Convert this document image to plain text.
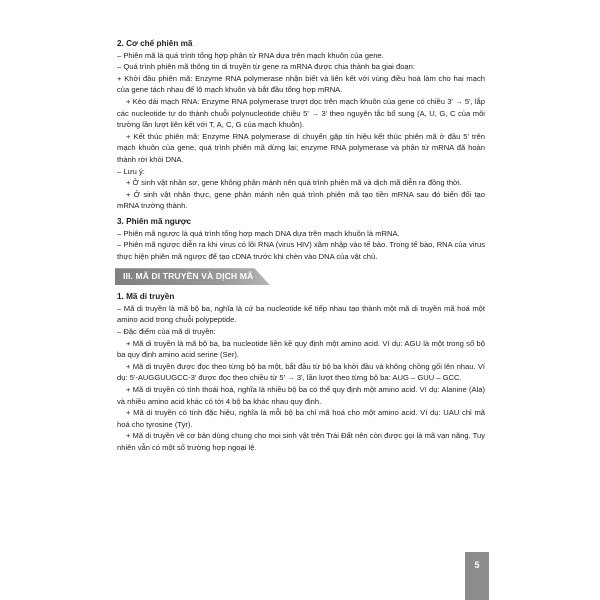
2. Cơ chế phiên mã

– Phiên mã là quá trình tổng hợp phân tử RNA dựa trên mạch khuôn của gene.

– Quá trình phiên mã thông tin di truyền từ gene ra mRNA được chia thành ba giai đoạn:

+ Khởi đầu phiên mã: Enzyme RNA polymerase nhận biết và liên kết với vùng điều hoà làm cho hai mạch của gene tách nhau để lộ mạch khuôn và bắt đầu tổng hợp mRNA.

+ Kéo dài mạch RNA: Enzyme RNA polymerase trượt dọc trên mạch khuôn của gene có chiều 3' → 5', lắp các nucleotide tự do thành chuỗi polynucleotide chiều 5' → 3' theo nguyên tắc bổ sung (A, U, G, C của môi trường lần lượt liên kết với T, A, C, G của mạch khuôn).

+ Kết thúc phiên mã: Enzyme RNA polymerase di chuyển gặp tín hiệu kết thúc phiên mã ở đầu 5' trên mạch khuôn của gene, quá trình phiên mã dừng lại; enzyme RNA polymerase và phân tử mRNA đã hoàn thành rời khỏi DNA.

– Lưu ý:

+ Ở sinh vật nhân sơ, gene không phân mảnh nên quá trình phiên mã và dịch mã diễn ra đồng thời.

+ Ở sinh vật nhân thực, gene phân mảnh nên quá trình phiên mã tạo tiền mRNA sau đó biến đổi tạo mRNA trưởng thành.

3. Phiên mã ngược

– Phiên mã ngược là quá trình tổng hợp mạch DNA dựa trên mạch khuôn là mRNA.

– Phiên mã ngược diễn ra khi virus có lõi RNA (virus HIV) xâm nhập vào tế bào. Trong tế bào, RNA của virus thực hiện phiên mã ngược để tạo cDNA trước khi chèn vào DNA của vật chủ.

III. MÃ DI TRUYỀN VÀ DỊCH MÃ

1. Mã di truyền

– Mã di truyền là mã bộ ba, nghĩa là cứ ba nucleotide kế tiếp nhau tạo thành một mã di truyền mã hoá một amino acid trong chuỗi polypeptide.

– Đặc điểm của mã di truyền:

+ Mã di truyền là mã bộ ba, ba nucleotide liền kề quy định một amino acid. Ví dụ: AGU là một trong số bộ ba quy định amino acid serine (Ser).

+ Mã di truyền được đọc theo từng bộ ba một, bắt đầu từ bộ ba khởi đầu và không chồng gối lên nhau. Ví dụ: 5'-AUGGUUGCC-3' được đọc theo chiều từ 5' → 3', lần lượt theo từng bộ ba: AUG – GUU – GCC.

+ Mã di truyền có tính thoái hoá, nghĩa là nhiều bộ ba có thể quy định một amino acid. Ví dụ: Alanine (Ala) và nhiều amino acid khác có tới 4 bộ ba khác nhau quy định.

+ Mã di truyền có tính đặc hiệu, nghĩa là mỗi bộ ba chỉ mã hoá cho một amino acid. Ví dụ: UAU chỉ mã hoá cho tyrosine (Tyr).

+ Mã di truyền về cơ bản dùng chung cho mọi sinh vật trên Trái Đất nên còn được gọi là mã vạn năng. Tuy nhiên vẫn có một số trường hợp ngoại lệ.

5
